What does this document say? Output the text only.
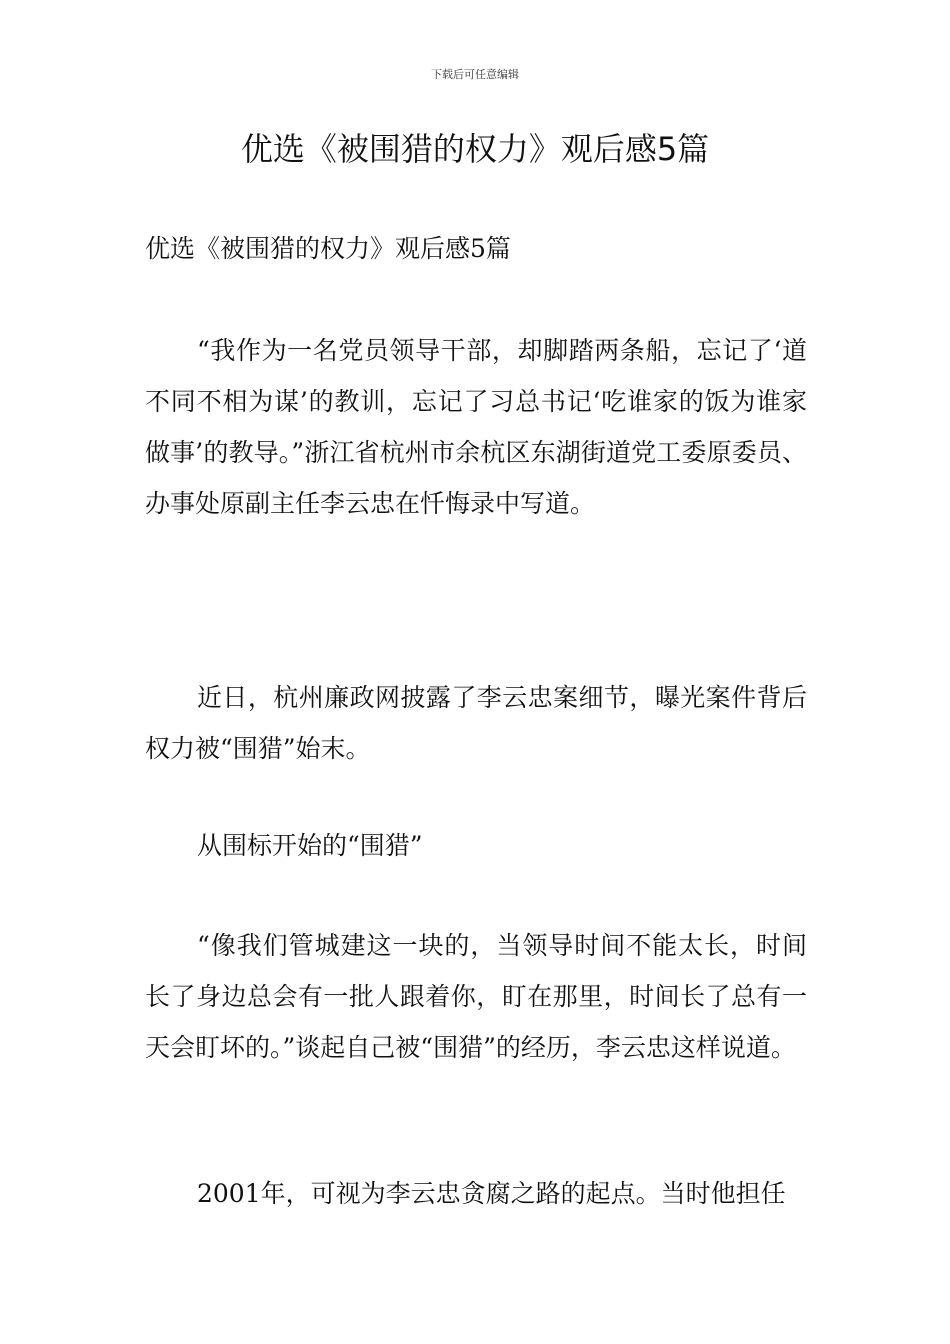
下载后可任意编辑
优选《被围猎的权力》观后感5篇

优选《被围猎的权力》观后感5篇

“我作为一名党员领导干部，却脚踏两条船，忘记了‘道不同不相为谋’的教训，忘记了习总书记‘吃谁家的饭为谁家做事’的教导。”浙江省杭州市余杭区东湖街道党工委原委员、办事处原副主任李云忠在忏悔录中写道。

近日，杭州廉政网披露了李云忠案细节，曝光案件背后权力被“围猎”始末。

从围标开始的“围猎”

“像我们管城建这一块的，当领导时间不能太长，时间长了身边总会有一批人跟着你，盯在那里，时间长了总有一天会盯坏的。”谈起自己被“围猎”的经历，李云忠这样说道。

2001年，可视为李云忠贪腐之路的起点。当时他担任
